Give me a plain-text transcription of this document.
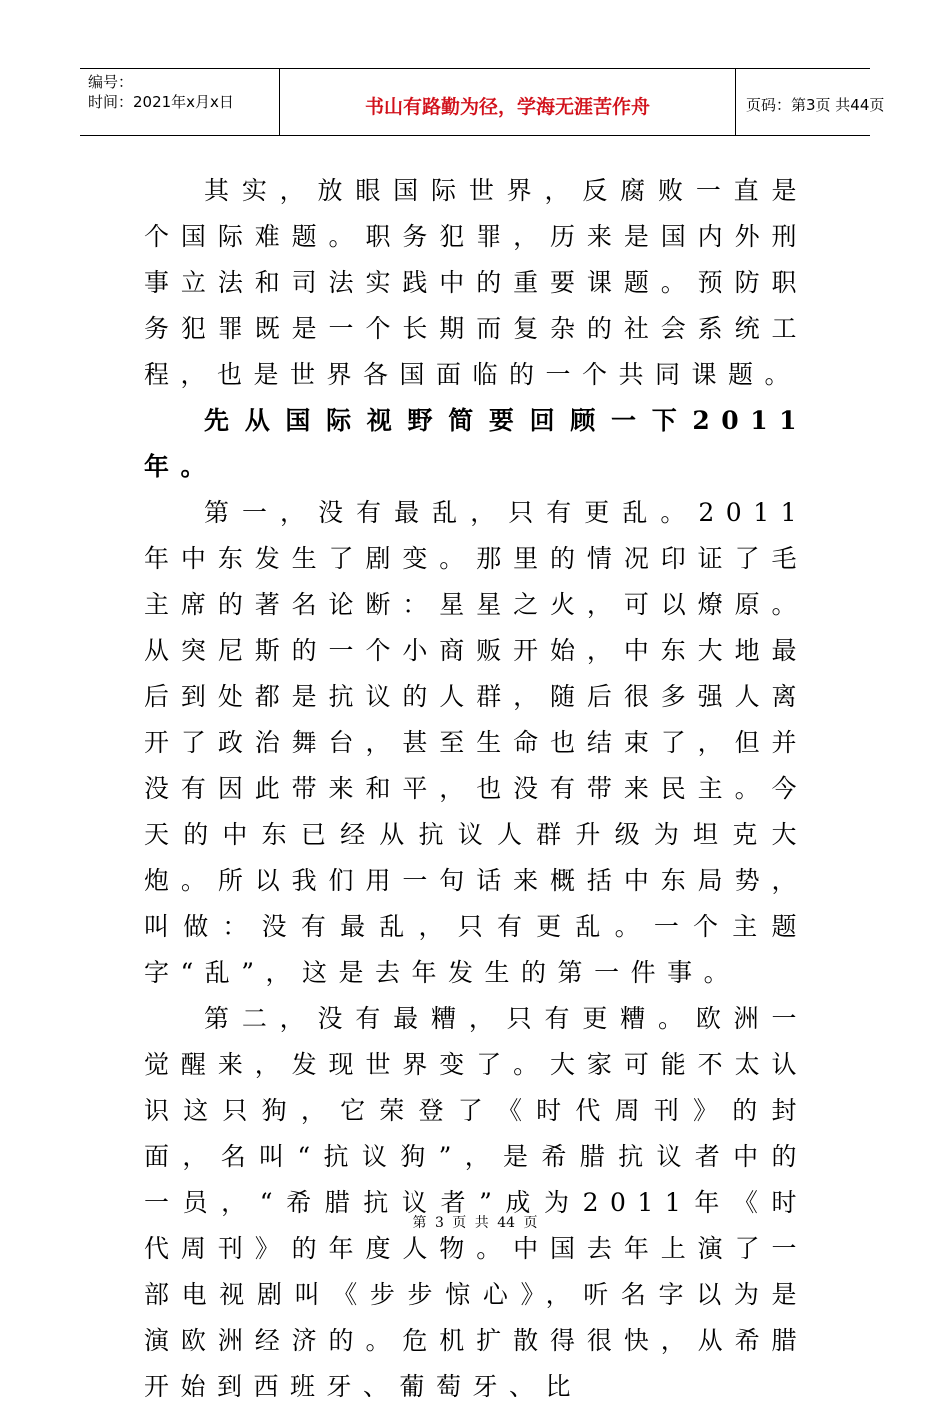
编号：
时间：2021年x月x日	书山有路勤为径，学海无涯苦作舟	页码：第3页 共44页

其实，放眼国际世界，反腐败一直是个国际难题。职务犯罪，历来是国内外刑事立法和司法实践中的重要课题。预防职务犯罪既是一个长期而复杂的社会系统工程，也是世界各国面临的一个共同课题。

先从国际视野简要回顾一下2011年。

第一，没有最乱，只有更乱。2011年中东发生了剧变。那里的情况印证了毛主席的著名论断：星星之火，可以燎原。从突尼斯的一个小商贩开始，中东大地最后到处都是抗议的人群，随后很多强人离开了政治舞台，甚至生命也结束了，但并没有因此带来和平，也没有带来民主。今天的中东已经从抗议人群升级为坦克大炮。所以我们用一句话来概括中东局势，叫做：没有最乱，只有更乱。一个主题字“乱”，这是去年发生的第一件事。

第二，没有最糟，只有更糟。欧洲一觉醒来，发现世界变了。大家可能不太认识这只狗，它荣登了《时代周刊》的封面，名叫“抗议狗”，是希腊抗议者中的一员，“希腊抗议者”成为2011年《时代周刊》的年度人物。中国去年上演了一部电视剧叫《步步惊心》，听名字以为是演欧洲经济的。危机扩散得很快，从希腊开始到西班牙、葡萄牙、比

第 3 页 共 44 页
